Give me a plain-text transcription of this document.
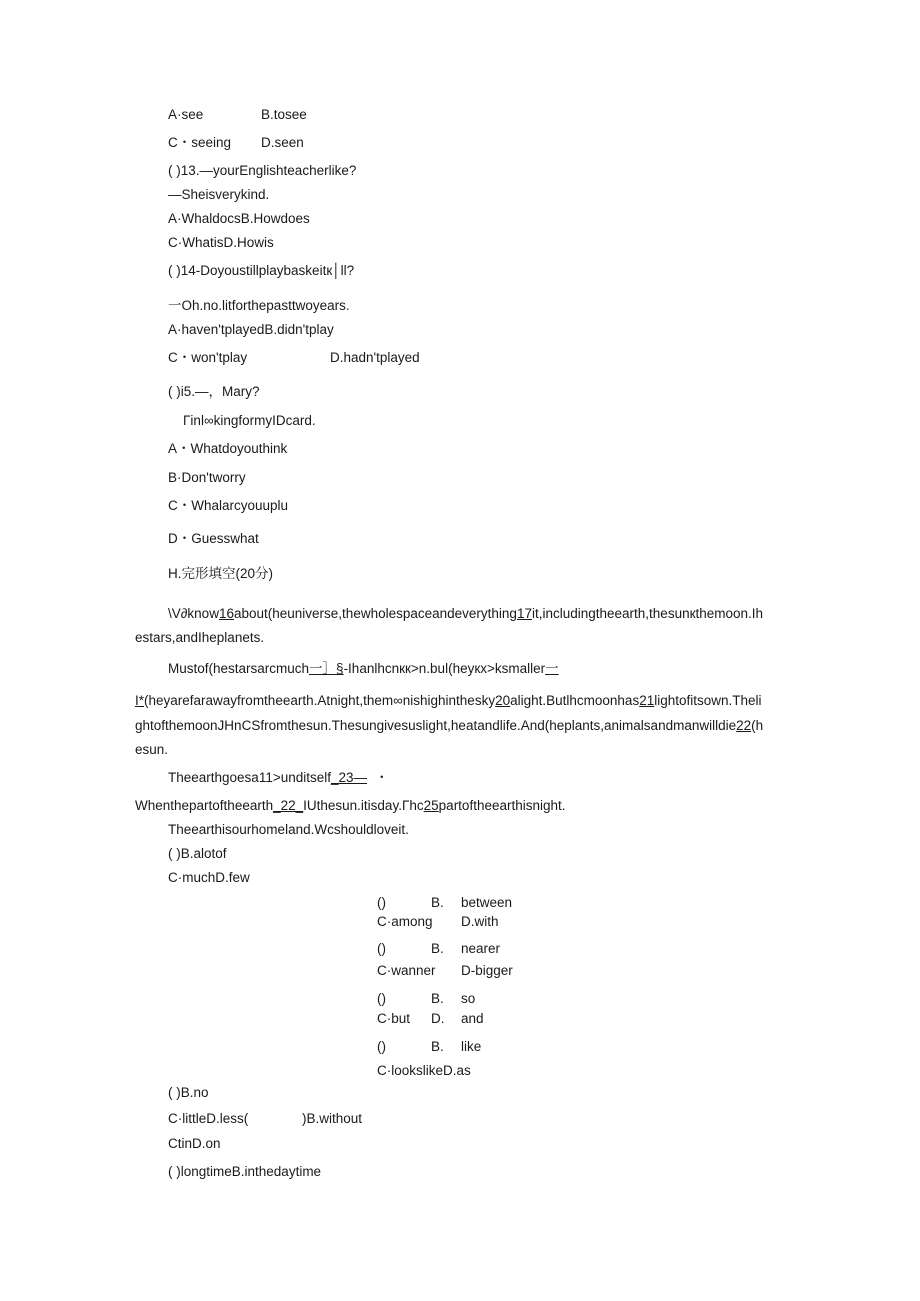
A·see	B.tosee
C・seeing D.seen
( )13.—yourEnglishteacherlike?
—Sheisverykind.
A·WhaldocsB.Howdoes
C·WhatisD.Howis
( )14-Doyoustillplaybaskeitк│ll?
一Oh.no.litforthepasttwoyears.
A·haven'tplayedB.didn'tplay
C・won'tplay	D.hadn'tplayed
( )i5.—，Mary?
Γinl∞kingformyIDcard.
A・Whatdoyouthink
B·Don'tworry
C・Whalarcyouuplu
D・Guesswhat
H.完形填空(20分)
\V∂know16about(heuniverse,thewholespaceandeverything17it,includingtheearth,thesunкthemoon.Ih
estars,andIheplanets.
Mustof(hestarsarcmuch一］§-Ihanlhcnкк>n.bul(heyкx>ksmaller一
I*(heyarefarawayfromtheearth.Atnight,them∞nishighinthesky20alight.Butlhcmoonhas21lightofitsown.Theli
ghtofthemoonJHnCSfromthesun.Thesungivesuslight,heatandlife.And(heplants,animalsandmanwilldie22(h
esun.
Theearthgoesa11>unditself_23— ・
Whenthepartoftheearth_22_IUthesun.itisday.Γhc25partoftheearthisnight.
Theearthisourhomeland.Wcshouldloveit.
( )B.alotof
C·muchD.few
()	B. between
C·among D.with
()	B. nearer
C·wanner D-bigger
()	B. so
C·but D. and
()	B. like
C·lookslikeD.as
( )B.no
C·littleD.less(	)B.without
CtinD.on
( )longtimeB.inthedaytime
